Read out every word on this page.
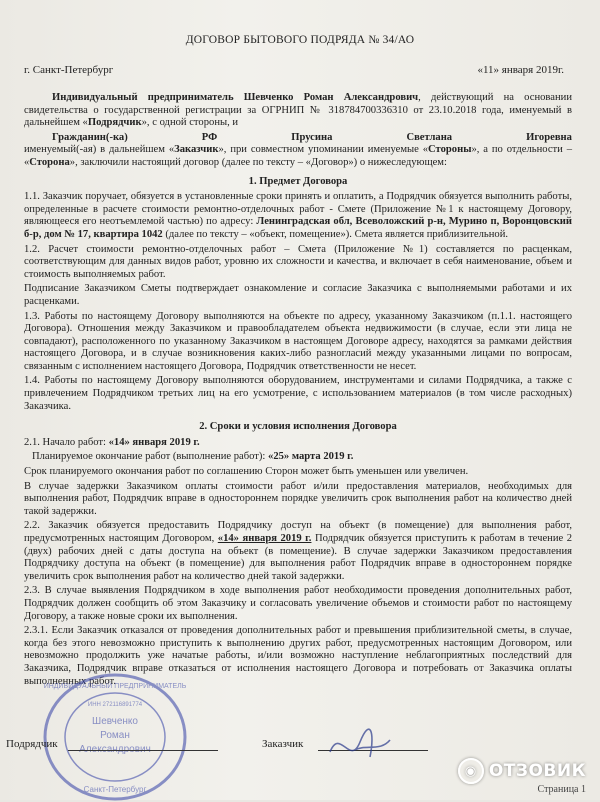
ДОГОВОР БЫТОВОГО ПОДРЯДА № 34/АО
г. Санкт-Петербург	«11» января 2019г.

Индивидуальный предприниматель Шевченко Роман Александрович, действующий на основании свидетельства о государственной регистрации за ОГРНИП № 318784700336310 от 23.10.2018 года, именуемый в дальнейшем «Подрядчик», с одной стороны, и

Гражданин(-ка)	РФ	Прусина	Светлана	Игоревна

именуемый(-ая) в дальнейшем «Заказчик», при совместном упоминании именуемые «Стороны», а по отдельности – «Сторона», заключили настоящий договор (далее по тексту – «Договор») о нижеследующем:

1. Предмет Договора

1.1. Заказчик поручает, обязуется в установленные сроки принять и оплатить, а Подрядчик обязуется выполнить работы, определенные в расчете стоимости ремонтно-отделочных работ - Смете (Приложение №1 к настоящему Договору, являющееся его неотъемлемой частью) по адресу: Ленинградская обл, Всеволожский р-н, Мурино п, Воронцовский б-р, дом № 17, квартира 1042 (далее по тексту – «объект, помещение»). Смета является приблизительной.

1.2. Расчет стоимости ремонтно-отделочных работ – Смета (Приложение №1) составляется по расценкам, соответствующим для данных видов работ, уровню их сложности и качества, и включает в себя наименование, объем и стоимость выполняемых работ.

Подписание Заказчиком Сметы подтверждает ознакомление и согласие Заказчика с выполняемыми работами и их расценками.

1.3. Работы по настоящему Договору выполняются на объекте по адресу, указанному Заказчиком (п.1.1. настоящего Договора). Отношения между Заказчиком и правообладателем объекта недвижимости (в случае, если эти лица не совпадают), расположенного по указанному Заказчиком в настоящем Договоре адресу, находятся за рамками действия настоящего Договора, и в случае возникновения каких-либо разногласий между указанными лицами по вопросам, связанным с исполнением настоящего Договора, Подрядчик ответственности не несет.

1.4. Работы по настоящему Договору выполняются оборудованием, инструментами и силами Подрядчика, а также с привлечением Подрядчиком третьих лиц на его усмотрение, с использованием материалов (в том числе расходных) Заказчика.

2. Сроки и условия исполнения Договора

2.1. Начало работ: «14» января 2019 г.

Планируемое окончание работ (выполнение работ): «25» марта 2019 г.

Срок планируемого окончания работ по соглашению Сторон может быть уменьшен или увеличен.

В случае задержки Заказчиком оплаты стоимости работ и/или предоставления материалов, необходимых для выполнения работ, Подрядчик вправе в одностороннем порядке увеличить срок выполнения работ на количество дней такой задержки.

2.2. Заказчик обязуется предоставить Подрядчику доступ на объект (в помещение) для выполнения работ, предусмотренных настоящим Договором, «14» января 2019 г. Подрядчик обязуется приступить к работам в течение 2 (двух) рабочих дней с даты доступа на объект (в помещение). В случае задержки Заказчиком предоставления Подрядчику доступа на объект (в помещение) для выполнения работ Подрядчик вправе в одностороннем порядке увеличить срок выполнения работ на количество дней такой задержки.

2.3. В случае выявления Подрядчиком в ходе выполнения работ необходимости проведения дополнительных работ, Подрядчик должен сообщить об этом Заказчику и согласовать увеличение объемов и стоимости работ по настоящему Договору, а также новые сроки их выполнения.

2.3.1. Если Заказчик отказался от проведения дополнительных работ и превышения приблизительной сметы, в случае, когда без этого невозможно приступить к выполнению других работ, предусмотренных настоящим Договором, или невозможно продолжить уже начатые работы, и/или возможно наступление неблагоприятных последствий для Заказчика, Подрядчик вправе отказаться от исполнения настоящего Договора и потребовать от Заказчика оплаты выполненных работ.

Шевченко
Роман
ИНДИВИДУАЛЬНЫЙ ПРЕДПРИНИМАТЕЛЬ
ИНН 272116891774
Санкт-Петербург
Подрядчик	Заказчик
◉ ОТЗОВИК
Страница 1
